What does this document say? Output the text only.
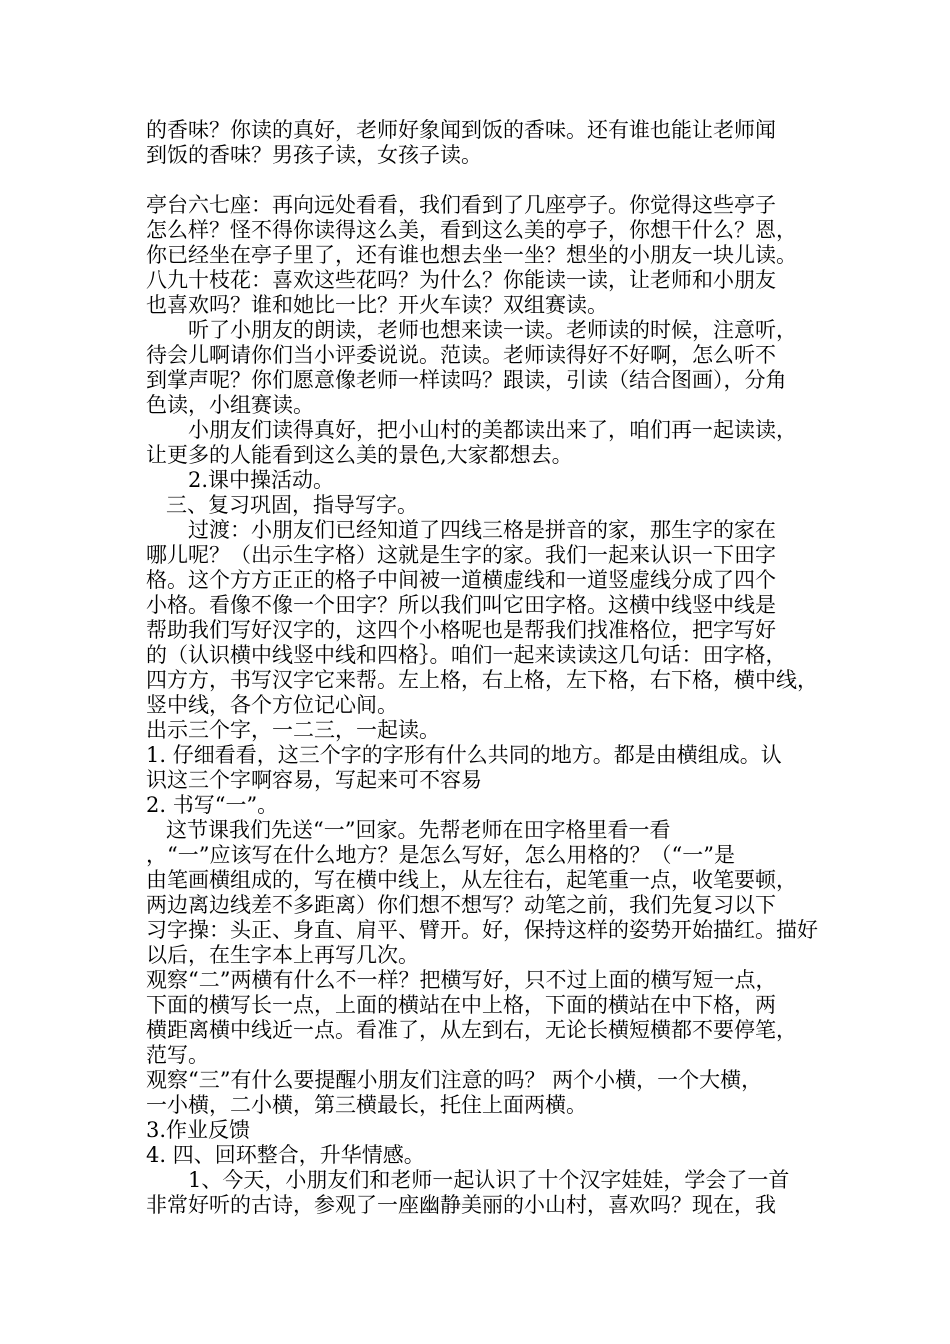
的香味？你读的真好，老师好象闻到饭的香味。还有谁也能让老师闻
到饭的香味？男孩子读，女孩子读。
亭台六七座：再向远处看看，我们看到了几座亭子。你觉得这些亭子
怎么样？怪不得你读得这么美，看到这么美的亭子，你想干什么？恩，
你已经坐在亭子里了，还有谁也想去坐一坐？想坐的小朋友一块儿读。
八九十枝花：喜欢这些花吗？为什么？你能读一读，让老师和小朋友
也喜欢吗？谁和她比一比？开火车读？双组赛读。
听了小朋友的朗读，老师也想来读一读。老师读的时候，注意听，
待会儿啊请你们当小评委说说。范读。老师读得好不好啊，怎么听不
到掌声呢？你们愿意像老师一样读吗？跟读，引读（结合图画），分角
色读，小组赛读。
小朋友们读得真好，把小山村的美都读出来了，咱们再一起读读，
让更多的人能看到这么美的景色,大家都想去。
2.课中操活动。
三、复习巩固，指导写字。
过渡：小朋友们已经知道了四线三格是拼音的家，那生字的家在
哪儿呢？（出示生字格）这就是生字的家。我们一起来认识一下田字
格。这个方方正正的格子中间被一道横虚线和一道竖虚线分成了四个
小格。看像不像一个田字？所以我们叫它田字格。这横中线竖中线是
帮助我们写好汉字的，这四个小格呢也是帮我们找准格位，把字写好
的（认识横中线竖中线和四格｝。咱们一起来读读这几句话：田字格，
四方方，书写汉字它来帮。左上格，右上格，左下格，右下格，横中线，
竖中线，各个方位记心间。
出示三个字，一二三，一起读。
1. 仔细看看，这三个字的字形有什么共同的地方。都是由横组成。认
识这三个字啊容易，写起来可不容易
2. 书写“一”。
这节课我们先送“一”回家。先帮老师在田字格里看一看
，“一”应该写在什么地方？是怎么写好，怎么用格的？（“一”是
由笔画横组成的，写在横中线上，从左往右，起笔重一点，收笔要顿，
两边离边线差不多距离）你们想不想写？动笔之前，我们先复习以下
习字操：头正、身直、肩平、臂开。好，保持这样的姿势开始描红。描好
以后，在生字本上再写几次。
观察“二”两横有什么不一样？把横写好，只不过上面的横写短一点，
下面的横写长一点，上面的横站在中上格，下面的横站在中下格，两
横距离横中线近一点。看准了，从左到右，无论长横短横都不要停笔，
范写。
观察“三”有什么要提醒小朋友们注意的吗？ 两个小横，一个大横，
一小横，二小横，第三横最长，托住上面两横。
3.作业反馈
4. 四、回环整合，升华情感。
1、今天，小朋友们和老师一起认识了十个汉字娃娃，学会了一首
非常好听的古诗，参观了一座幽静美丽的小山村，喜欢吗？现在，我
